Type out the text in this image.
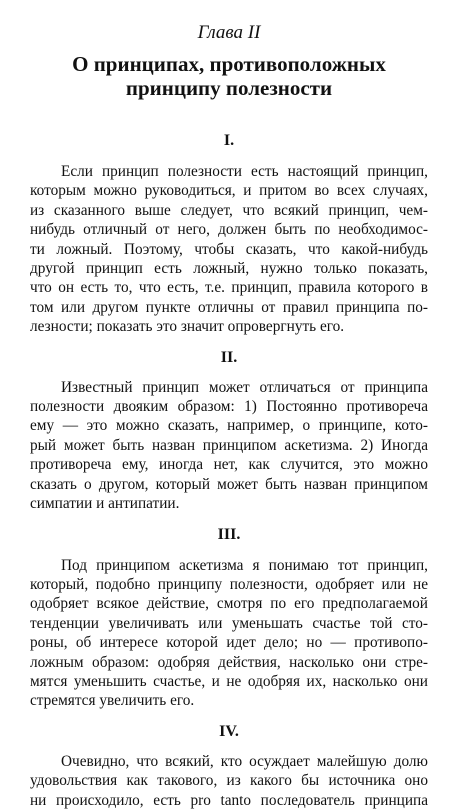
Глава II

О принципах, противоположных
принципу полезности
I.

Если принцип полезности есть настоящий принцип,
которым можно руководиться, и притом во всех случаях,
из сказанного выше следует, что всякий принцип, чем-
нибудь отличный от него, должен быть по необходимос-
ти ложный. Поэтому, чтобы сказать, что какой-нибудь
другой принцип есть ложный, нужно только показать,
что он есть то, что есть, т.е. принцип, правила которого в
том или другом пункте отличны от правил принципа по-
лезности; показать это значит опровергнуть его.

II.

Известный принцип может отличаться от принципа
полезности двояким образом: 1) Постоянно противореча
ему — это можно сказать, например, о принципе, кото-
рый может быть назван принципом аскетизма. 2) Иногда
противореча ему, иногда нет, как случится, это можно
сказать о другом, который может быть назван принципом
симпатии и антипатии.

III.

Под принципом аскетизма я понимаю тот принцип,
который, подобно принципу полезности, одобряет или не
одобряет всякое действие, смотря по его предполагаемой
тенденции увеличивать или уменьшать счастье той сто-
роны, об интересе которой идет дело; но — противопо-
ложным образом: одобряя действия, насколько они стре-
мятся уменьшить счастье, и не одобряя их, насколько они
стремятся увеличить его.

IV.

Очевидно, что всякий, кто осуждает малейшую долю
удовольствия как такового, из какого бы источника оно
ни происходило, есть pro tanto последователь принципа
